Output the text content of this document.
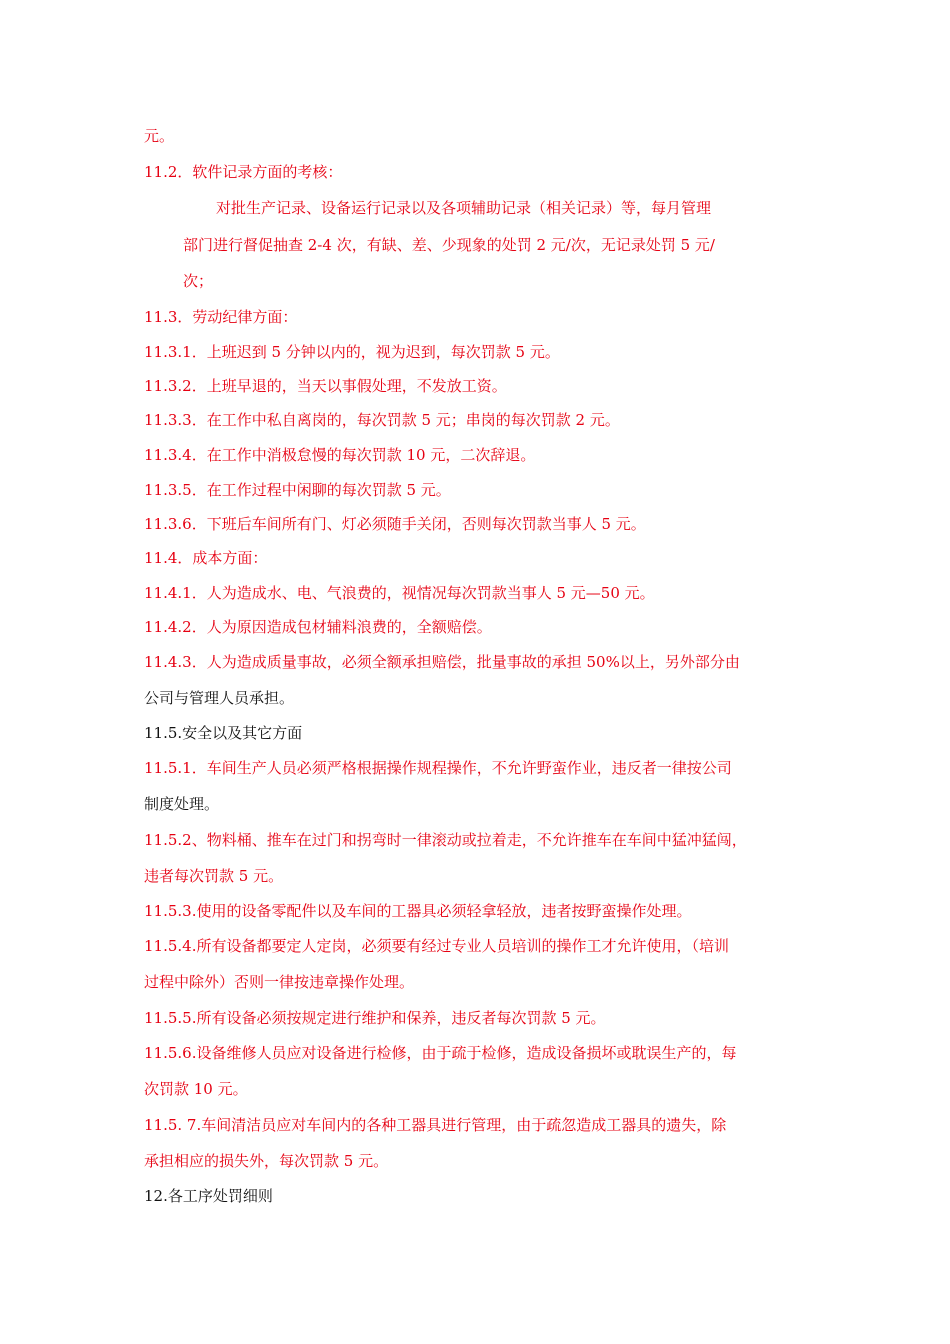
元。
11.2．软件记录方面的考核：
对批生产记录、设备运行记录以及各项辅助记录（相关记录）等，每月管理
部门进行督促抽查 2-4 次，有缺、差、少现象的处罚 2 元/次，无记录处罚 5 元/
次；
11.3．劳动纪律方面：
11.3.1．上班迟到 5 分钟以内的，视为迟到，每次罚款 5 元。
11.3.2．上班早退的，当天以事假处理，不发放工资。
11.3.3．在工作中私自离岗的，每次罚款 5 元；串岗的每次罚款 2 元。
11.3.4．在工作中消极怠慢的每次罚款 10 元，二次辞退。
11.3.5．在工作过程中闲聊的每次罚款 5 元。
11.3.6．下班后车间所有门、灯必须随手关闭，否则每次罚款当事人 5 元。
11.4．成本方面：
11.4.1．人为造成水、电、气浪费的，视情况每次罚款当事人 5 元—50 元。
11.4.2．人为原因造成包材辅料浪费的，全额赔偿。
11.4.3．人为造成质量事故，必须全额承担赔偿，批量事故的承担 50%以上，另外部分由
公司与管理人员承担。
11.5.安全以及其它方面
11.5.1．车间生产人员必须严格根据操作规程操作，不允许野蛮作业，违反者一律按公司
制度处理。
11.5.2、物料桶、推车在过门和拐弯时一律滚动或拉着走，不允许推车在车间中猛冲猛闯，
违者每次罚款 5 元。
11.5.3.使用的设备零配件以及车间的工器具必须轻拿轻放，违者按野蛮操作处理。
11.5.4.所有设备都要定人定岗，必须要有经过专业人员培训的操作工才允许使用，（培训
过程中除外）否则一律按违章操作处理。
11.5.5.所有设备必须按规定进行维护和保养，违反者每次罚款 5 元。
11.5.6.设备维修人员应对设备进行检修，由于疏于检修，造成设备损坏或耽误生产的，每
次罚款 10 元。
11.5. 7.车间清洁员应对车间内的各种工器具进行管理，由于疏忽造成工器具的遗失，除
承担相应的损失外，每次罚款 5 元。
12.各工序处罚细则
